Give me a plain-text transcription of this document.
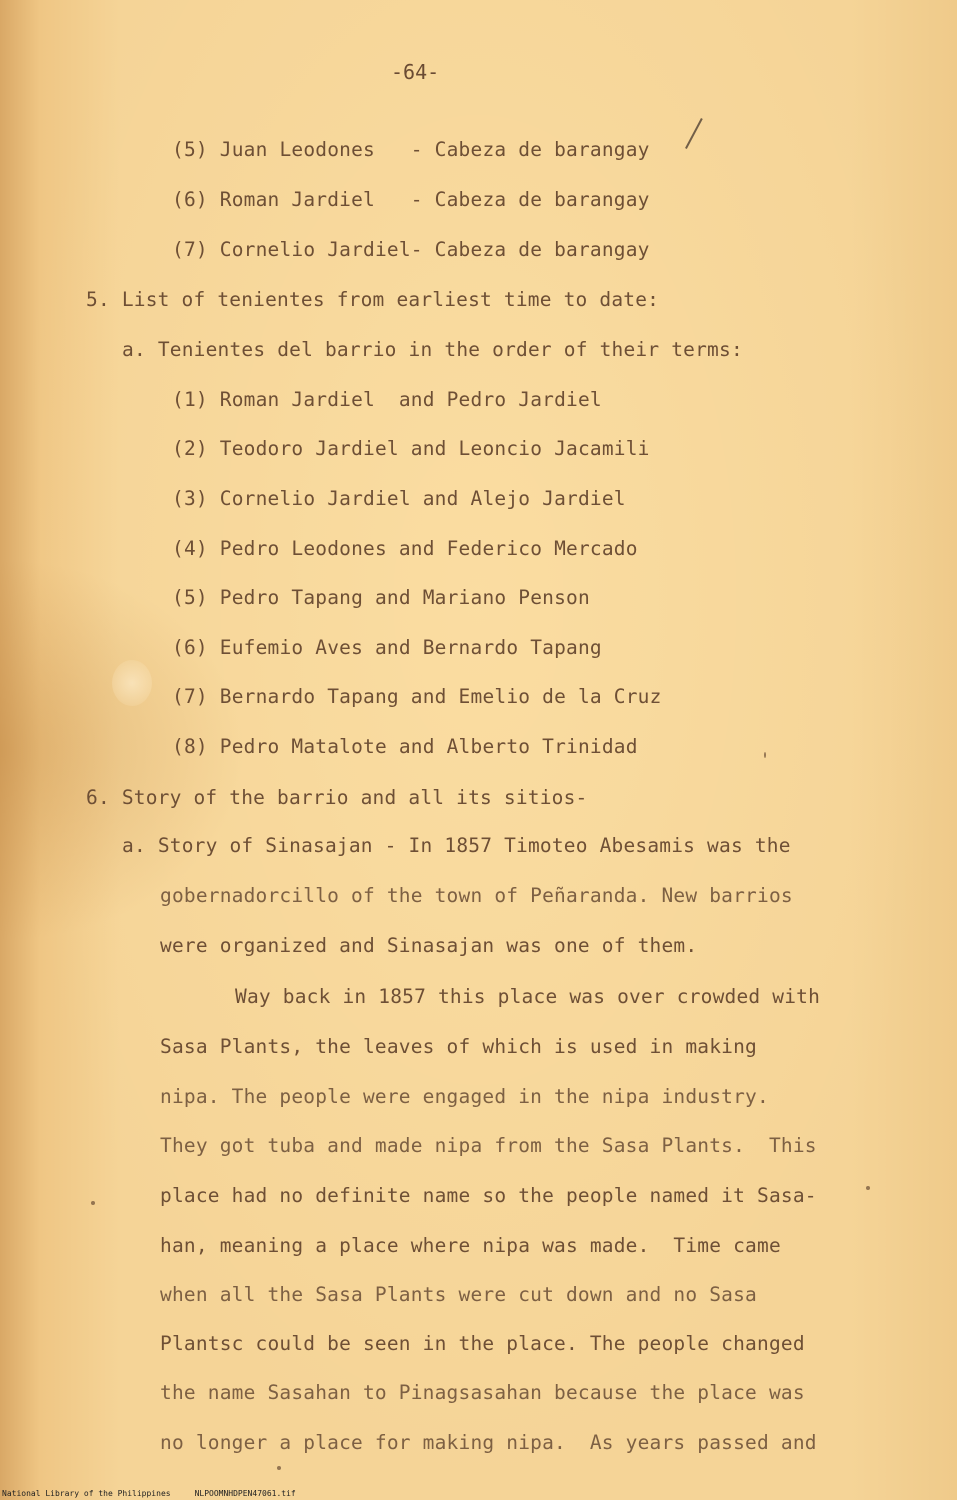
-64-
(5) Juan Leodones   - Cabeza de barangay
(6) Roman Jardiel   - Cabeza de barangay
(7) Cornelio Jardiel- Cabeza de barangay
5. List of tenientes from earliest time to date:
a. Tenientes del barrio in the order of their terms:
(1) Roman Jardiel  and Pedro Jardiel
(2) Teodoro Jardiel and Leoncio Jacamili
(3) Cornelio Jardiel and Alejo Jardiel
(4) Pedro Leodones and Federico Mercado
(5) Pedro Tapang and Mariano Penson
(6) Eufemio Aves and Bernardo Tapang
(7) Bernardo Tapang and Emelio de la Cruz
(8) Pedro Matalote and Alberto Trinidad
6. Story of the barrio and all its sitios-
a. Story of Sinasajan - In 1857 Timoteo Abesamis was the
gobernadorcillo of the town of Peñaranda. New barrios
were organized and Sinasajan was one of them.
Way back in 1857 this place was over crowded with
Sasa Plants, the leaves of which is used in making
nipa. The people were engaged in the nipa industry.
They got tuba and made nipa from the Sasa Plants.  This
place had no definite name so the people named it Sasa-
han, meaning a place where nipa was made.  Time came
when all the Sasa Plants were cut down and no Sasa
Plantsc could be seen in the place. The people changed
the name Sasahan to Pinagsasahan because the place was
no longer a place for making nipa.  As years passed and
National Library of the Philippines	NLPOOMNHDPEN47061.tif
